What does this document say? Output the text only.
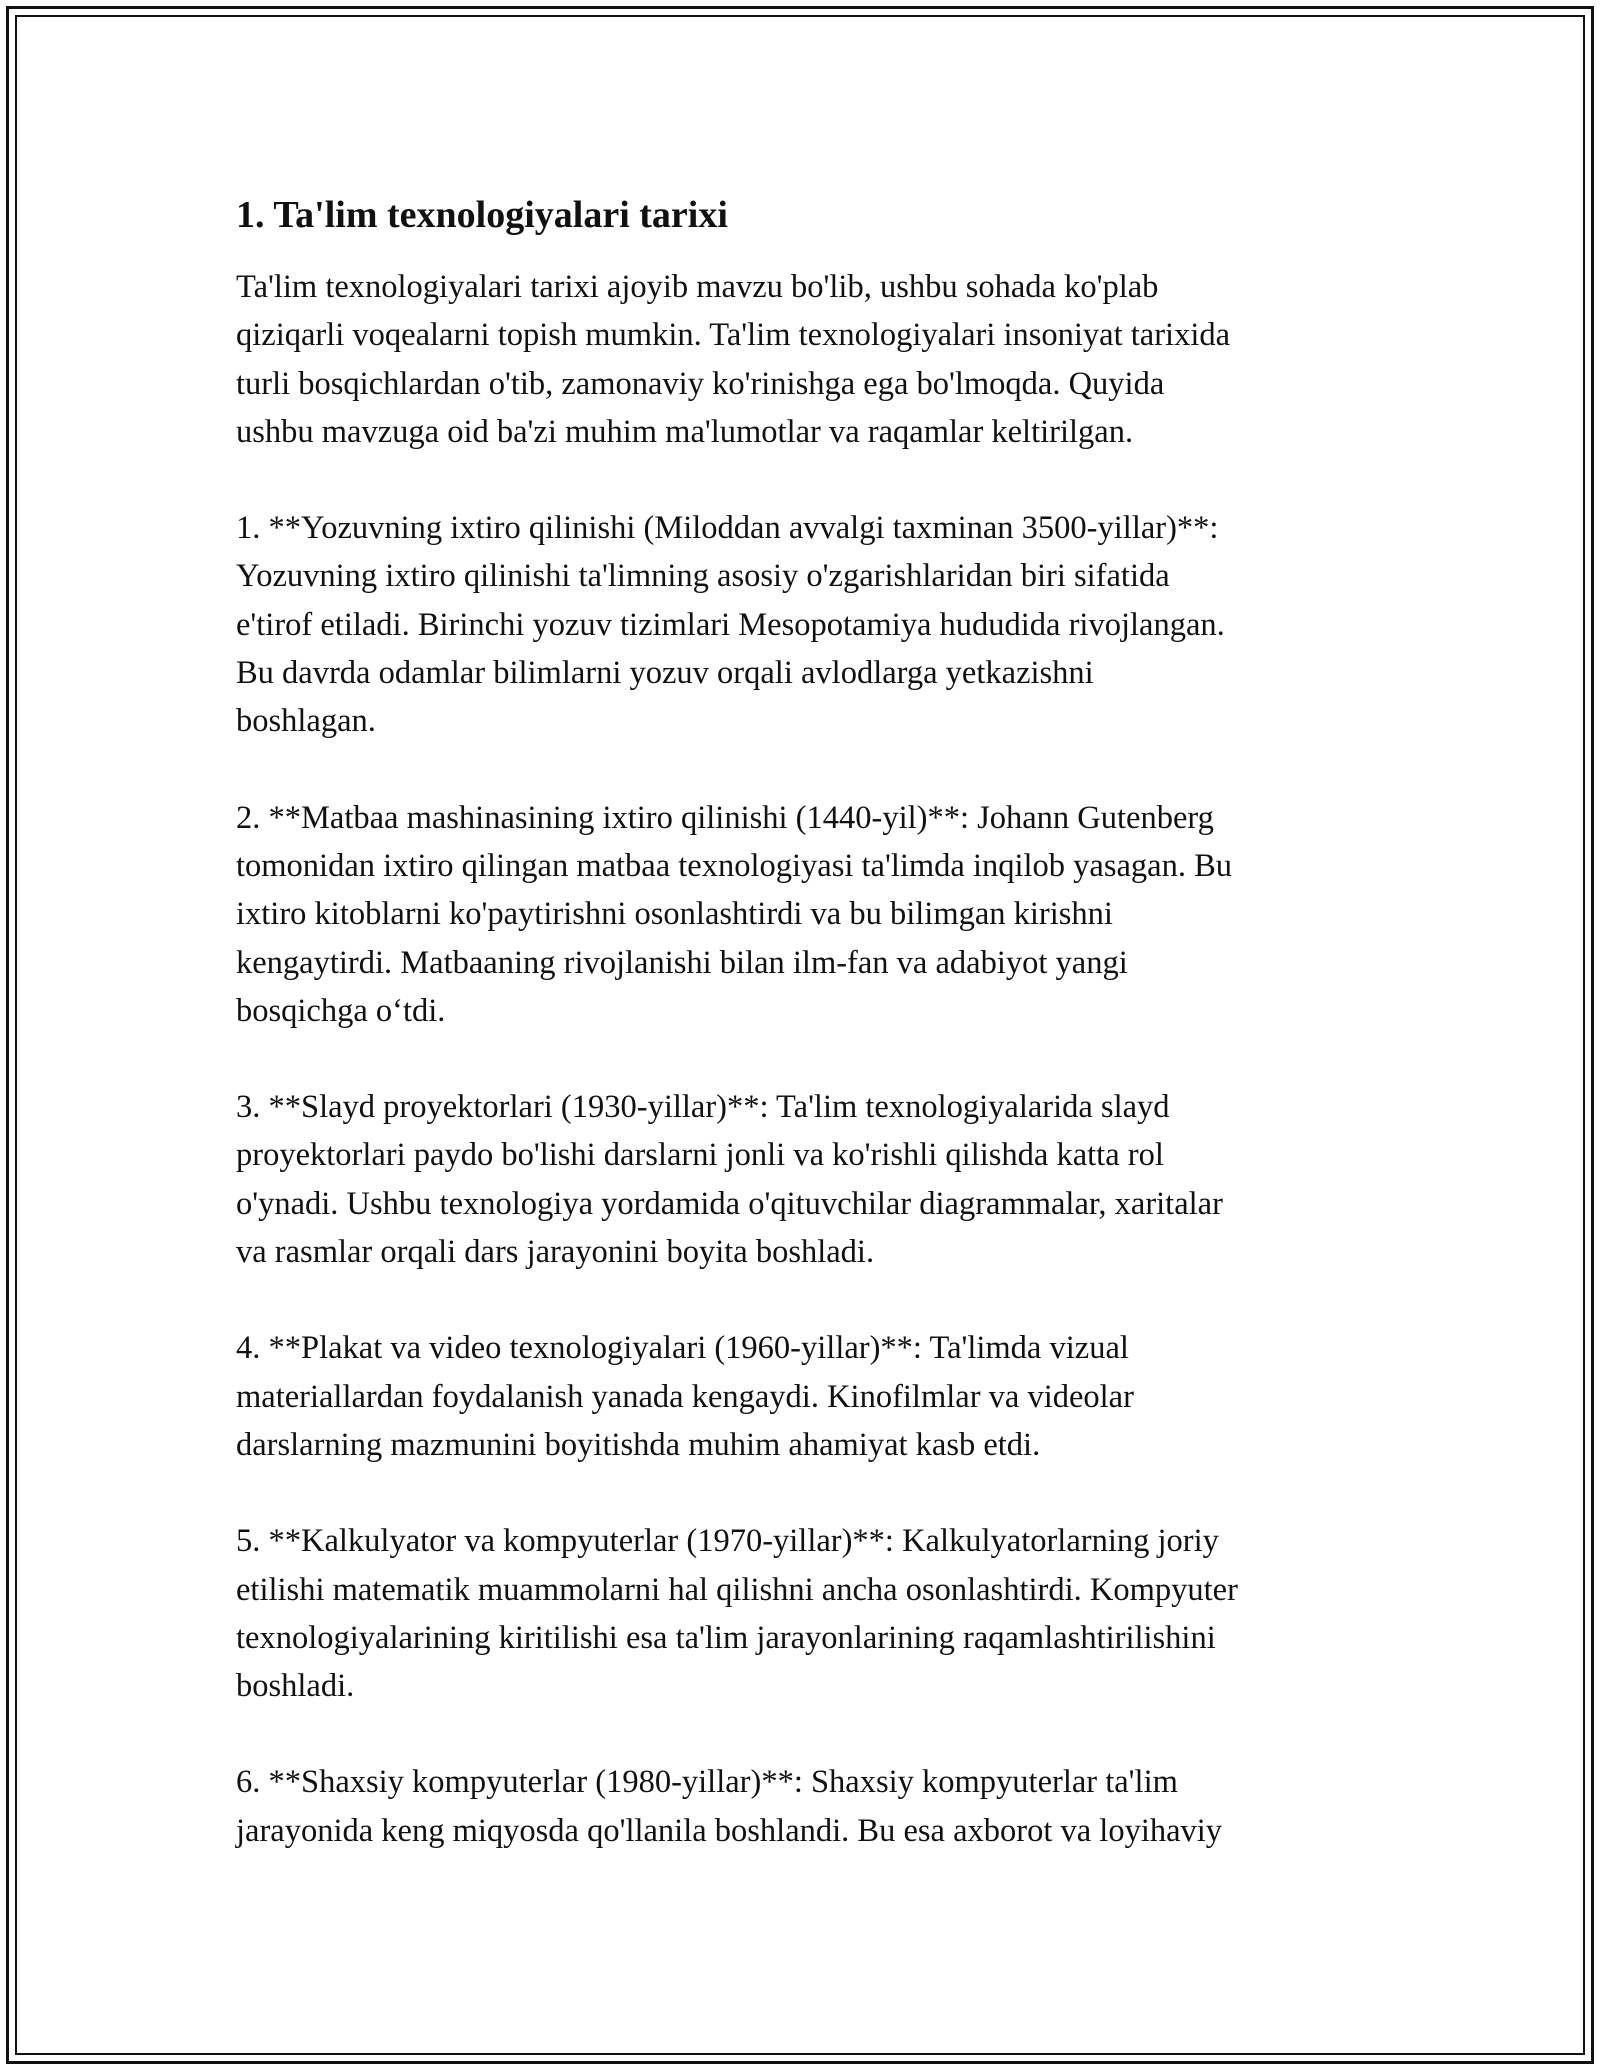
1. Ta'lim texnologiyalari tarixi

Ta'lim texnologiyalari tarixi ajoyib mavzu bo'lib, ushbu sohada ko'plab
qiziqarli voqealarni topish mumkin. Ta'lim texnologiyalari insoniyat tarixida
turli bosqichlardan o'tib, zamonaviy ko'rinishga ega bo'lmoqda. Quyida
ushbu mavzuga oid ba'zi muhim ma'lumotlar va raqamlar keltirilgan.

1. **Yozuvning ixtiro qilinishi (Miloddan avvalgi taxminan 3500-yillar)**:
Yozuvning ixtiro qilinishi ta'limning asosiy o'zgarishlaridan biri sifatida
e'tirof etiladi. Birinchi yozuv tizimlari Mesopotamiya hududida rivojlangan.
Bu davrda odamlar bilimlarni yozuv orqali avlodlarga yetkazishni
boshlagan.

2. **Matbaa mashinasining ixtiro qilinishi (1440-yil)**: Johann Gutenberg
tomonidan ixtiro qilingan matbaa texnologiyasi ta'limda inqilob yasagan. Bu
ixtiro kitoblarni ko'paytirishni osonlashtirdi va bu bilimgan kirishni
kengaytirdi. Matbaaning rivojlanishi bilan ilm-fan va adabiyot yangi
bosqichga o‘tdi.

3. **Slayd proyektorlari (1930-yillar)**: Ta'lim texnologiyalarida slayd
proyektorlari paydo bo'lishi darslarni jonli va ko'rishli qilishda katta rol
o'ynadi. Ushbu texnologiya yordamida o'qituvchilar diagrammalar, xaritalar
va rasmlar orqali dars jarayonini boyita boshladi.

4. **Plakat va video texnologiyalari (1960-yillar)**: Ta'limda vizual
materiallardan foydalanish yanada kengaydi. Kinofilmlar va videolar
darslarning mazmunini boyitishda muhim ahamiyat kasb etdi.

5. **Kalkulyator va kompyuterlar (1970-yillar)**: Kalkulyatorlarning joriy
etilishi matematik muammolarni hal qilishni ancha osonlashtirdi. Kompyuter
texnologiyalarining kiritilishi esa ta'lim jarayonlarining raqamlashtirilishini
boshladi.

6. **Shaxsiy kompyuterlar (1980-yillar)**: Shaxsiy kompyuterlar ta'lim
jarayonida keng miqyosda qo'llanila boshlandi. Bu esa axborot va loyihaviy
